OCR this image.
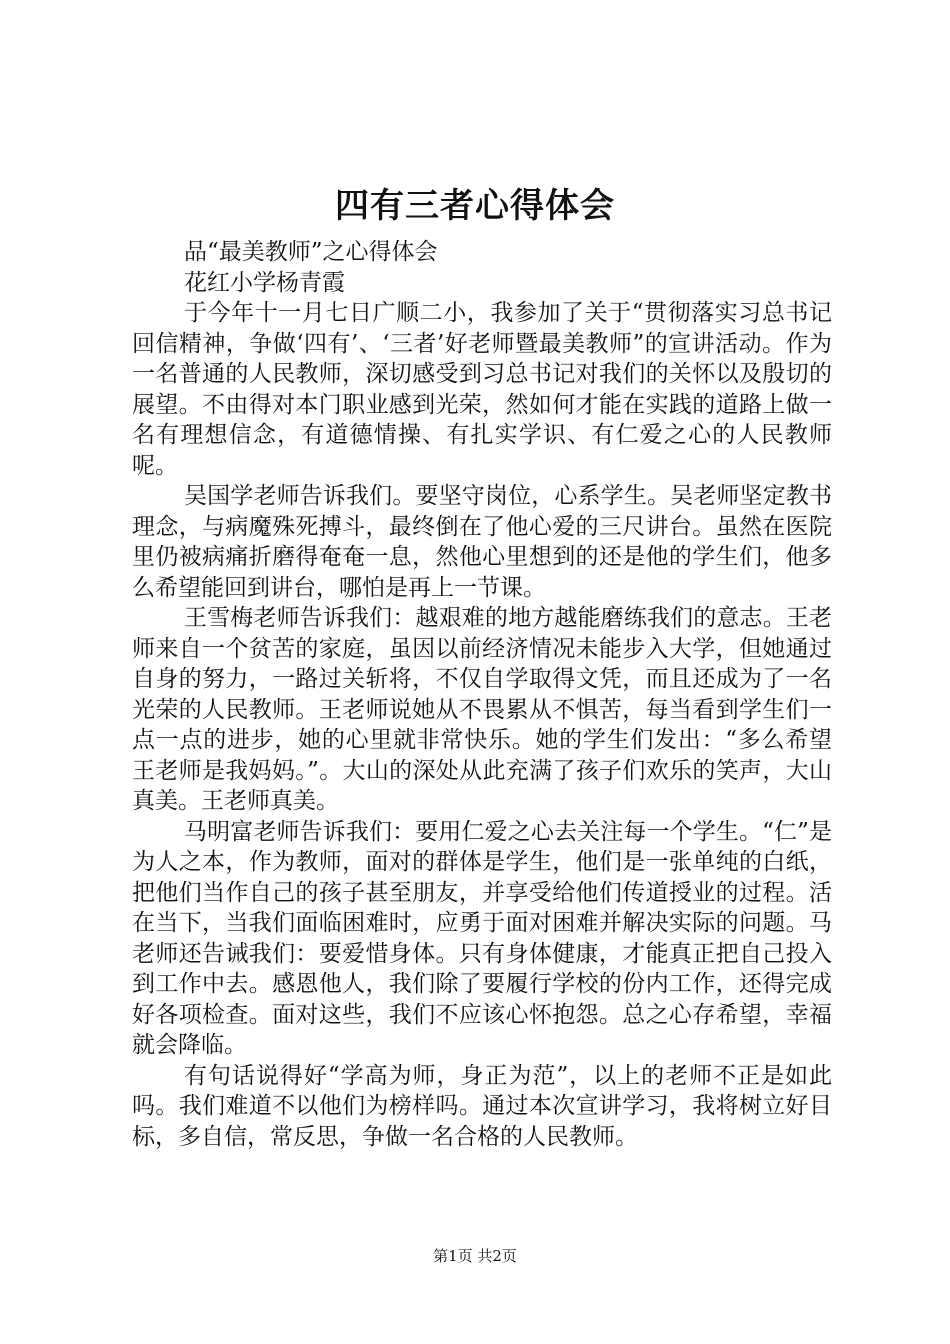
四有三者心得体会

品“最美教师”之心得体会

花红小学杨青霞

于今年十一月七日广顺二小，我参加了关于“贯彻落实习总书记回信精神，争做‘四有’、‘三者’好老师暨最美教师”的宣讲活动。作为一名普通的人民教师，深切感受到习总书记对我们的关怀以及殷切的展望。不由得对本门职业感到光荣，然如何才能在实践的道路上做一名有理想信念，有道德情操、有扎实学识、有仁爱之心的人民教师呢。

吴国学老师告诉我们。要坚守岗位，心系学生。吴老师坚定教书理念，与病魔殊死搏斗，最终倒在了他心爱的三尺讲台。虽然在医院里仍被病痛折磨得奄奄一息，然他心里想到的还是他的学生们，他多么希望能回到讲台，哪怕是再上一节课。

王雪梅老师告诉我们：越艰难的地方越能磨练我们的意志。王老师来自一个贫苦的家庭，虽因以前经济情况未能步入大学，但她通过自身的努力，一路过关斩将，不仅自学取得文凭，而且还成为了一名光荣的人民教师。王老师说她从不畏累从不惧苦，每当看到学生们一点一点的进步，她的心里就非常快乐。她的学生们发出：“多么希望王老师是我妈妈。”。大山的深处从此充满了孩子们欢乐的笑声，大山真美。王老师真美。

马明富老师告诉我们：要用仁爱之心去关注每一个学生。“仁”是为人之本，作为教师，面对的群体是学生，他们是一张单纯的白纸，把他们当作自己的孩子甚至朋友，并享受给他们传道授业的过程。活在当下，当我们面临困难时，应勇于面对困难并解决实际的问题。马老师还告诫我们：要爱惜身体。只有身体健康，才能真正把自己投入到工作中去。感恩他人，我们除了要履行学校的份内工作，还得完成好各项检查。面对这些，我们不应该心怀抱怨。总之心存希望，幸福就会降临。

有句话说得好“学高为师，身正为范”，以上的老师不正是如此吗。我们难道不以他们为榜样吗。通过本次宣讲学习，我将树立好目标，多自信，常反思，争做一名合格的人民教师。

第1页 共2页
